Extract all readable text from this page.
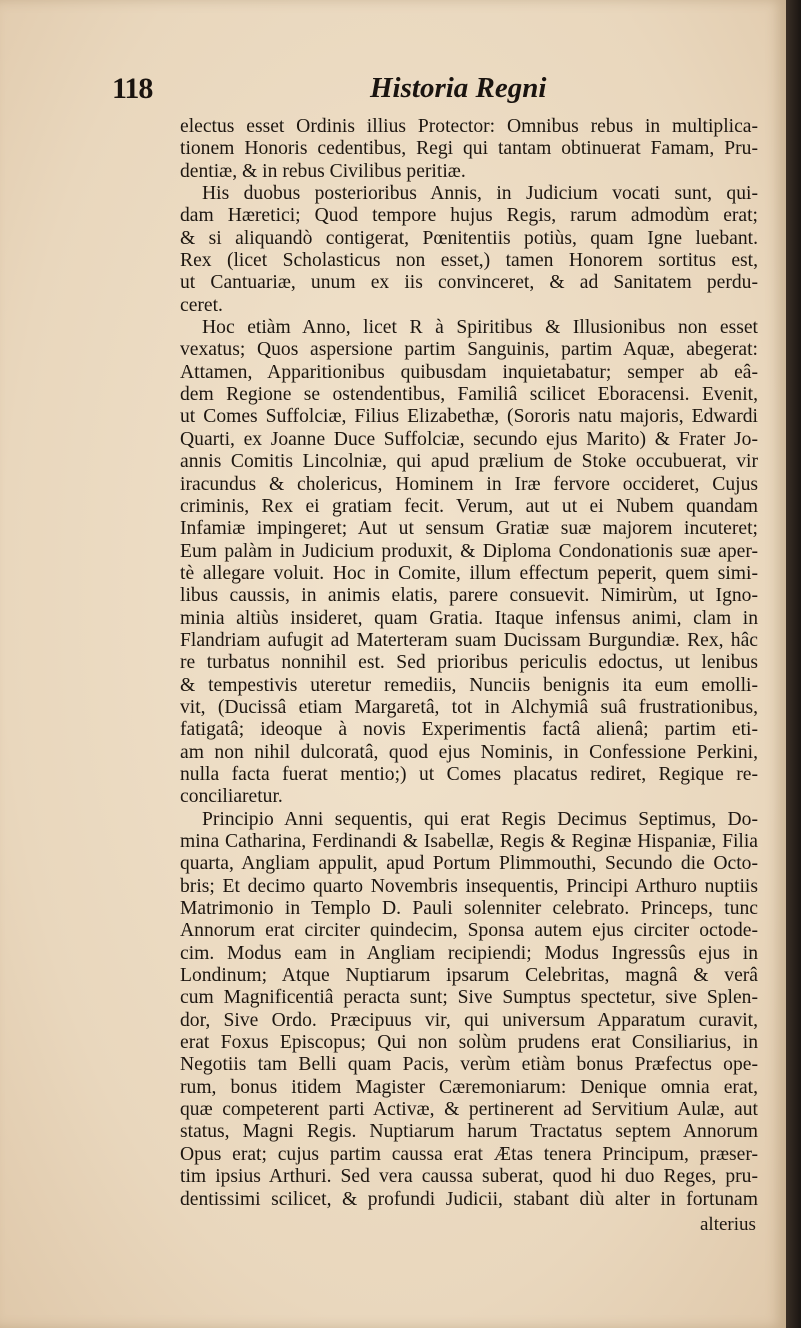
118	Historia Regni
electus esset Ordinis illius Protector: Omnibus rebus in multiplica-
tionem Honoris cedentibus, Regi qui tantam obtinuerat Famam, Pru-
dentiæ, & in rebus Civilibus peritiæ.
His duobus posterioribus Annis, in Judicium vocati sunt, qui-
dam Hæretici; Quod tempore hujus Regis, rarum admodùm erat;
& si aliquandò contigerat, Pœnitentiis potiùs, quam Igne luebant.
Rex (licet Scholasticus non esset,) tamen Honorem sortitus est,
ut Cantuariæ, unum ex iis convinceret, & ad Sanitatem perdu-
ceret.
Hoc etiàm Anno, licet R à Spiritibus & Illusionibus non esset
vexatus; Quos aspersione partim Sanguinis, partim Aquæ, abegerat:
Attamen, Apparitionibus quibusdam inquietabatur; semper ab eâ-
dem Regione se ostendentibus, Familiâ scilicet Eboracensi. Evenit,
ut Comes Suffolciæ, Filius Elizabethæ, (Sororis natu majoris, Edwardi
Quarti, ex Joanne Duce Suffolciæ, secundo ejus Marito) & Frater Jo-
annis Comitis Lincolniæ, qui apud prælium de Stoke occubuerat, vir
iracundus & cholericus, Hominem in Iræ fervore occideret, Cujus
criminis, Rex ei gratiam fecit. Verum, aut ut ei Nubem quandam
Infamiæ impingeret; Aut ut sensum Gratiæ suæ majorem incuteret;
Eum palàm in Judicium produxit, & Diploma Condonationis suæ aper-
tè allegare voluit. Hoc in Comite, illum effectum peperit, quem simi-
libus caussis, in animis elatis, parere consuevit. Nimirùm, ut Igno-
minia altiùs insideret, quam Gratia. Itaque infensus animi, clam in
Flandriam aufugit ad Materteram suam Ducissam Burgundiæ. Rex, hâc
re turbatus nonnihil est. Sed prioribus periculis edoctus, ut lenibus
& tempestivis uteretur remediis, Nunciis benignis ita eum emolli-
vit, (Ducissâ etiam Margaretâ, tot in Alchymiâ suâ frustrationibus,
fatigatâ; ideoque à novis Experimentis factâ alienâ; partim eti-
am non nihil dulcoratâ, quod ejus Nominis, in Confessione Perkini,
nulla facta fuerat mentio;) ut Comes placatus rediret, Regique re-
conciliaretur.
Principio Anni sequentis, qui erat Regis Decimus Septimus, Do-
mina Catharina, Ferdinandi & Isabellæ, Regis & Reginæ Hispaniæ, Filia
quarta, Angliam appulit, apud Portum Plimmouthi, Secundo die Octo-
bris; Et decimo quarto Novembris insequentis, Principi Arthuro nuptiis
Matrimonio in Templo D. Pauli solenniter celebrato. Princeps, tunc
Annorum erat circiter quindecim, Sponsa autem ejus circiter octode-
cim. Modus eam in Angliam recipiendi; Modus Ingressûs ejus in
Londinum; Atque Nuptiarum ipsarum Celebritas, magnâ & verâ
cum Magnificentiâ peracta sunt; Sive Sumptus spectetur, sive Splen-
dor, Sive Ordo. Præcipuus vir, qui universum Apparatum curavit,
erat Foxus Episcopus; Qui non solùm prudens erat Consiliarius, in
Negotiis tam Belli quam Pacis, verùm etiàm bonus Præfectus ope-
rum, bonus itidem Magister Cæremoniarum: Denique omnia erat,
quæ competerent parti Activæ, & pertinerent ad Servitium Aulæ, aut
status, Magni Regis. Nuptiarum harum Tractatus septem Annorum
Opus erat; cujus partim caussa erat Ætas tenera Principum, præser-
tim ipsius Arthuri. Sed vera caussa suberat, quod hi duo Reges, pru-
dentissimi scilicet, & profundi Judicii, stabant diù alter in fortunam
alterius
